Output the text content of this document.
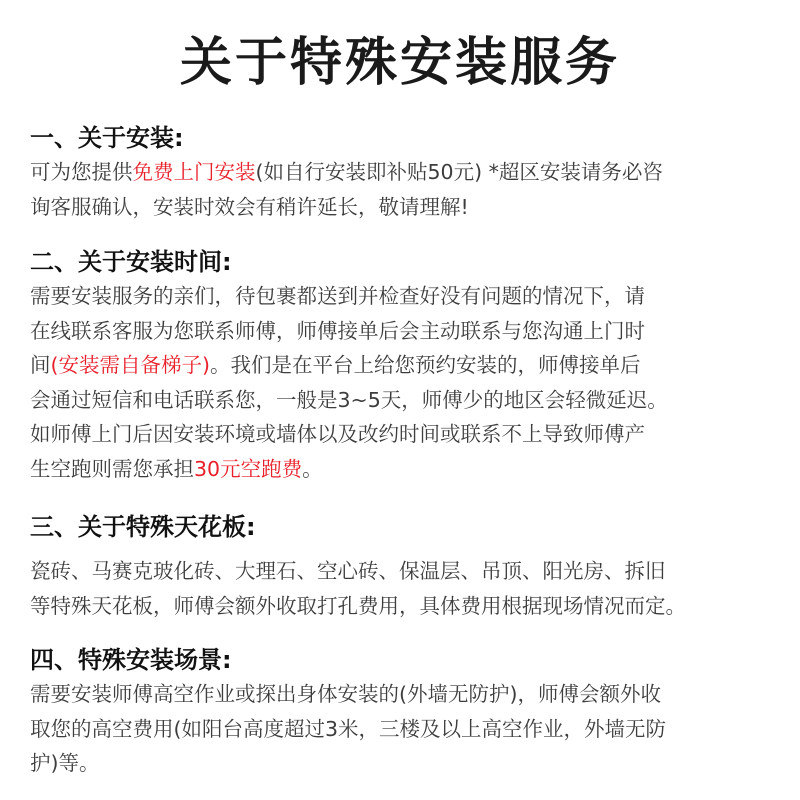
关于特殊安装服务
一、关于安装:
可为您提供免费上门安装(如自行安装即补贴50元) *超区安装请务必咨
询客服确认，安装时效会有稍许延长，敬请理解!
二、关于安装时间:
需要安装服务的亲们，待包裹都送到并检查好没有问题的情况下，请
在线联系客服为您联系师傅，师傅接单后会主动联系与您沟通上门时
间(安装需自备梯子)。我们是在平台上给您预约安装的，师傅接单后
会通过短信和电话联系您，一般是3~5天，师傅少的地区会轻微延迟。
如师傅上门后因安装环境或墙体以及改约时间或联系不上导致师傅产
生空跑则需您承担30元空跑费。
三、关于特殊天花板:
瓷砖、马赛克玻化砖、大理石、空心砖、保温层、吊顶、阳光房、拆旧
等特殊天花板，师傅会额外收取打孔费用，具体费用根据现场情况而定。
四、特殊安装场景:
需要安装师傅高空作业或探出身体安装的(外墙无防护)，师傅会额外收
取您的高空费用(如阳台高度超过3米，三楼及以上高空作业，外墙无防
护)等。
